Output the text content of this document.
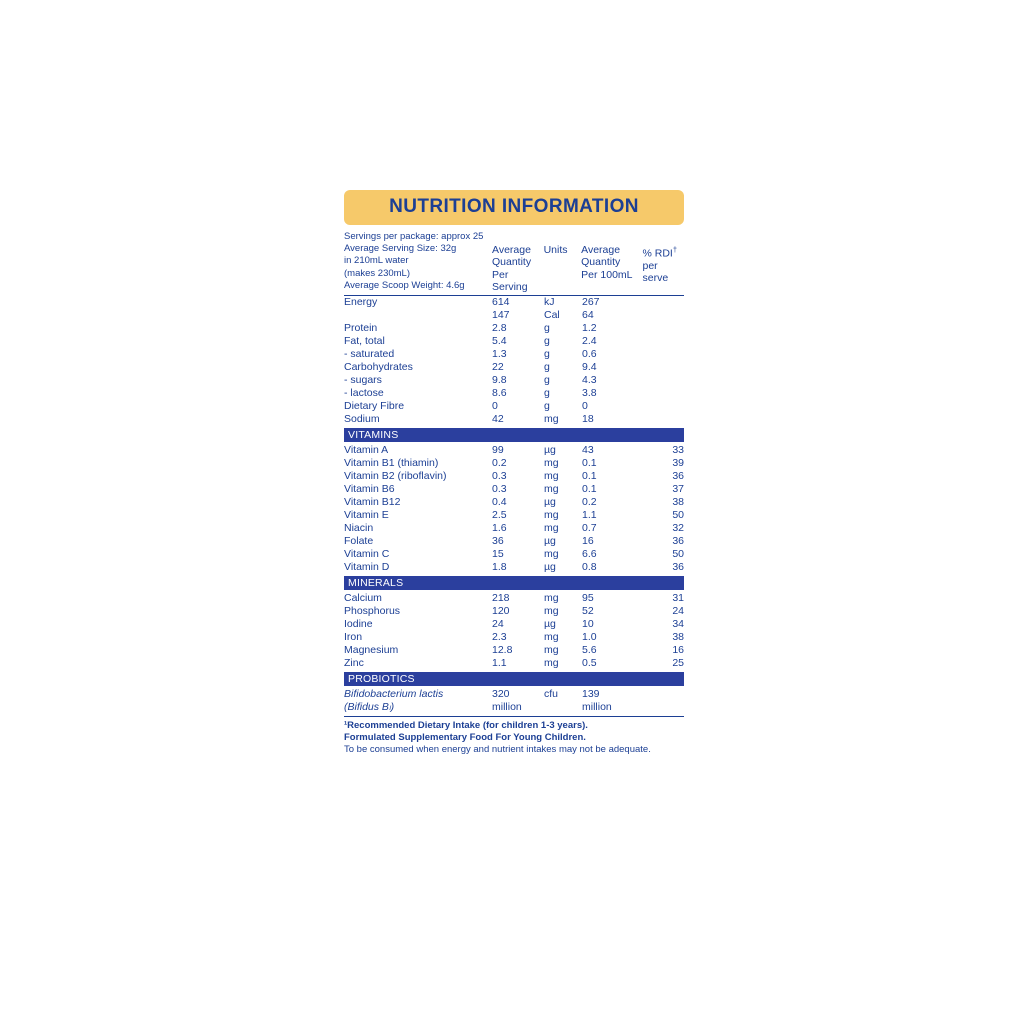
NUTRITION INFORMATION
Servings per package: approx 25
Average Serving Size: 32g
in 210mL water
(makes 230mL)
Average Scoop Weight: 4.6g
Average
Quantity
Per Serving
	Units	Average
Quantity
Per 100mL

% RDI†
per serve
Energy	614	kJ	267	
	147	Cal	64	
Protein	2.8	g	1.2	
Fat, total	5.4	g	2.4	
- saturated	1.3	g	0.6	
Carbohydrates	22	g	9.4	
- sugars	9.8	g	4.3	
- lactose	8.6	g	3.8	
Dietary Fibre	0	g	0	
Sodium	42	mg	18	
VITAMINS
Vitamin A	99	µg	43	33
Vitamin B1 (thiamin)	0.2	mg	0.1	39
Vitamin B2 (riboflavin)	0.3	mg	0.1	36
Vitamin B6	0.3	mg	0.1	37
Vitamin B12	0.4	µg	0.2	38
Vitamin E	2.5	mg	1.1	50
Niacin	1.6	mg	0.7	32
Folate	36	µg	16	36
Vitamin C	15	mg	6.6	50
Vitamin D	1.8	µg	0.8	36
MINERALS
Calcium	218	mg	95	31
Phosphorus	120	mg	52	24
Iodine	24	µg	10	34
Iron	2.3	mg	1.0	38
Magnesium	12.8	mg	5.6	16
Zinc	1.1	mg	0.5	25
PROBIOTICS
Bifidobacterium lactis	320	cfu	139	
(Bifidus Bₗ)	million		million	
¹Recommended Dietary Intake (for children 1-3 years).
Formulated Supplementary Food For Young Children.
To be consumed when energy and nutrient intakes may not be adequate.
